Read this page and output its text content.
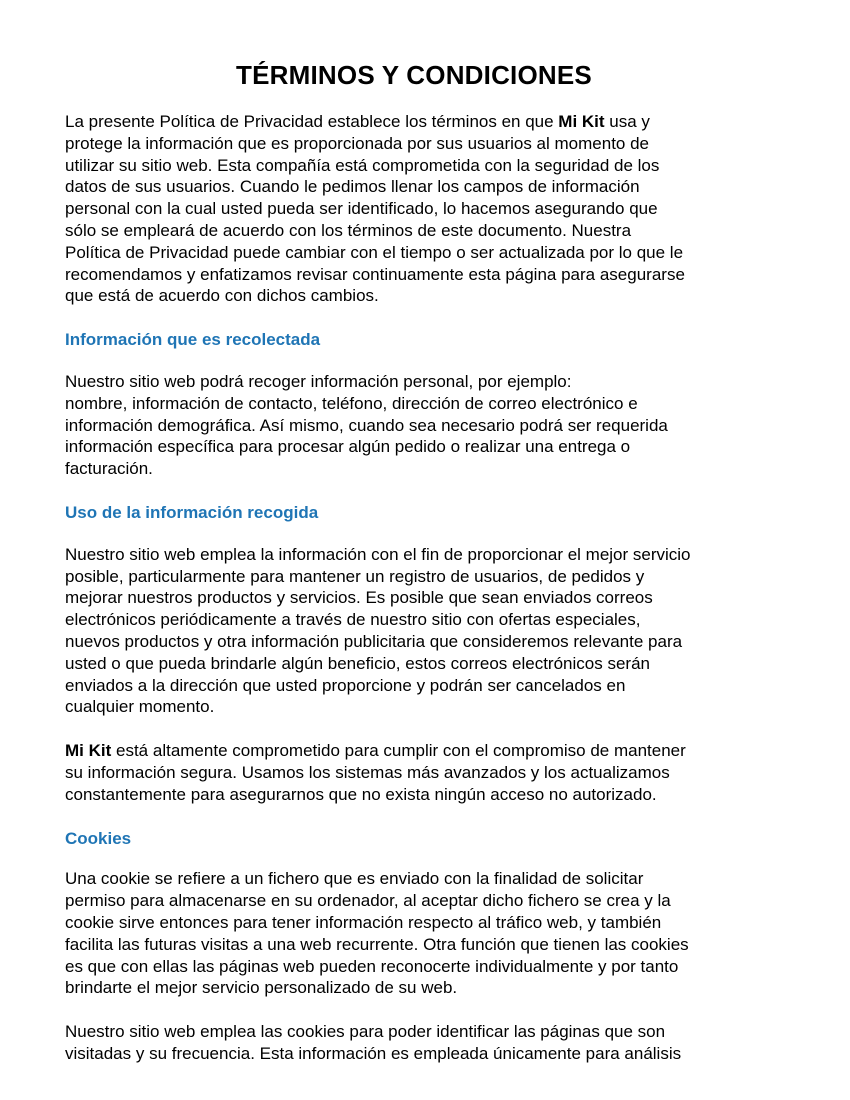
TÉRMINOS Y CONDICIONES

La presente Política de Privacidad establece los términos en que Mi Kit usa y
protege la información que es proporcionada por sus usuarios al momento de
utilizar su sitio web. Esta compañía está comprometida con la seguridad de los
datos de sus usuarios. Cuando le pedimos llenar los campos de información
personal con la cual usted pueda ser identificado, lo hacemos asegurando que
sólo se empleará de acuerdo con los términos de este documento. Nuestra
Política de Privacidad puede cambiar con el tiempo o ser actualizada por lo que le
recomendamos y enfatizamos revisar continuamente esta página para asegurarse
que está de acuerdo con dichos cambios.

Información que es recolectada

Nuestro sitio web podrá recoger información personal, por ejemplo:
nombre, información de contacto, teléfono, dirección de correo electrónico e
información demográfica. Así mismo, cuando sea necesario podrá ser requerida
información específica para procesar algún pedido o realizar una entrega o
facturación.

Uso de la información recogida

Nuestro sitio web emplea la información con el fin de proporcionar el mejor servicio
posible, particularmente para mantener un registro de usuarios, de pedidos y
mejorar nuestros productos y servicios. Es posible que sean enviados correos
electrónicos periódicamente a través de nuestro sitio con ofertas especiales,
nuevos productos y otra información publicitaria que consideremos relevante para
usted o que pueda brindarle algún beneficio, estos correos electrónicos serán
enviados a la dirección que usted proporcione y podrán ser cancelados en
cualquier momento.

Mi Kit está altamente comprometido para cumplir con el compromiso de mantener
su información segura. Usamos los sistemas más avanzados y los actualizamos
constantemente para asegurarnos que no exista ningún acceso no autorizado.

Cookies

Una cookie se refiere a un fichero que es enviado con la finalidad de solicitar
permiso para almacenarse en su ordenador, al aceptar dicho fichero se crea y la
cookie sirve entonces para tener información respecto al tráfico web, y también
facilita las futuras visitas a una web recurrente. Otra función que tienen las cookies
es que con ellas las páginas web pueden reconocerte individualmente y por tanto
brindarte el mejor servicio personalizado de su web.

Nuestro sitio web emplea las cookies para poder identificar las páginas que son
visitadas y su frecuencia. Esta información es empleada únicamente para análisis
